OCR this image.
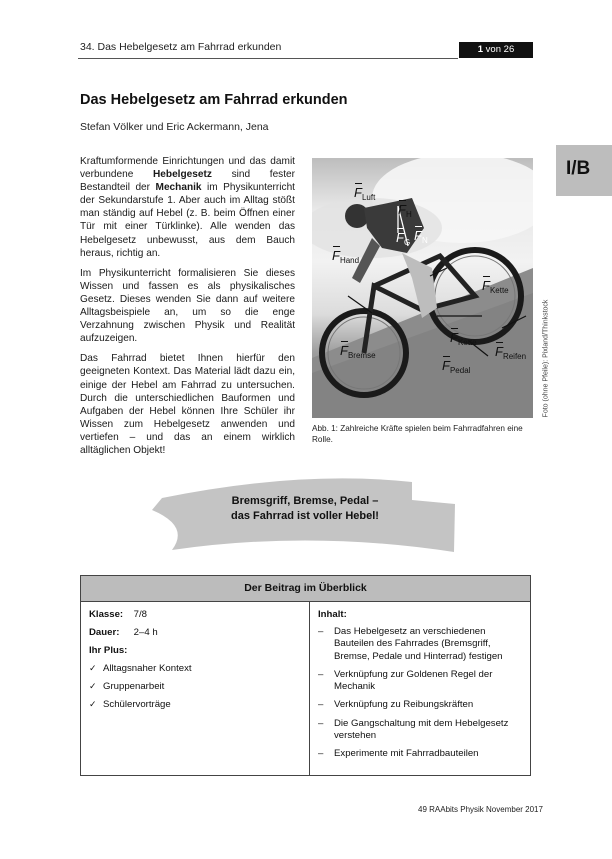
34. Das Hebelgesetz am Fahrrad erkunden	1 von 26
Das Hebelgesetz am Fahrrad erkunden
Stefan Völker und Eric Ackermann, Jena
I/B

Kraftumformende Einrichtungen und das damit verbundene Hebelgesetz sind fester Bestandteil der Mechanik im Physikunterricht der Sekundarstufe 1. Aber auch im Alltag stößt man ständig auf Hebel (z. B. beim Öffnen einer Tür mit einer Türklinke). Alle wenden das Hebelgesetz unbewusst, aus dem Bauch heraus, richtig an.

Im Physikunterricht formalisieren Sie dieses Wissen und fassen es als physikalisches Gesetz. Dieses wenden Sie dann auf weitere Alltagsbeispiele an, um so die enge Verzahnung zwischen Physik und Realität aufzuzeigen.

Das Fahrrad bietet Ihnen hierfür den geeigneten Kontext. Das Material lädt dazu ein, einige der Hebel am Fahrrad zu untersuchen. Durch die unterschiedlichen Bauformen und Aufgaben der Hebel können Ihre Schüler ihr Wissen zum Hebelgesetz anwenden und vertiefen – und das an einem wirklich alltäglichen Objekt!

$F_{Luft}$
$F_H$
$F_G$ $F_N$
$F_{Hand}$
$F_{Kette}$
$F_{Bremse}$
$F_{Kette}$
$F_{Reifen}$
$F_{Pedal}$	Foto (ohne Pfeile): Pixland/Thinkstock
Abb. 1: Zahlreiche Kräfte spielen beim Fahrradfahren eine Rolle.
Bremsgriff, Bremse, Pedal –
das Fahrrad ist voller Hebel!
Der Beitrag im Überblick
Klasse: 7/8
Dauer: 2–4 h
Ihr Plus:
✓ Alltagsnaher Kontext
✓ Gruppenarbeit
✓ Schülervorträge
Inhalt:
– Das Hebelgesetz an verschiedenen Bauteilen des Fahrrades (Bremsgriff, Bremse, Pedale und Hinterrad) festigen
– Verknüpfung zur Goldenen Regel der Mechanik
– Verknüpfung zu Reibungskräften
– Die Gangschaltung mit dem Hebelgesetz verstehen
– Experimente mit Fahrradbauteilen
49 RAAbits Physik November 2017
